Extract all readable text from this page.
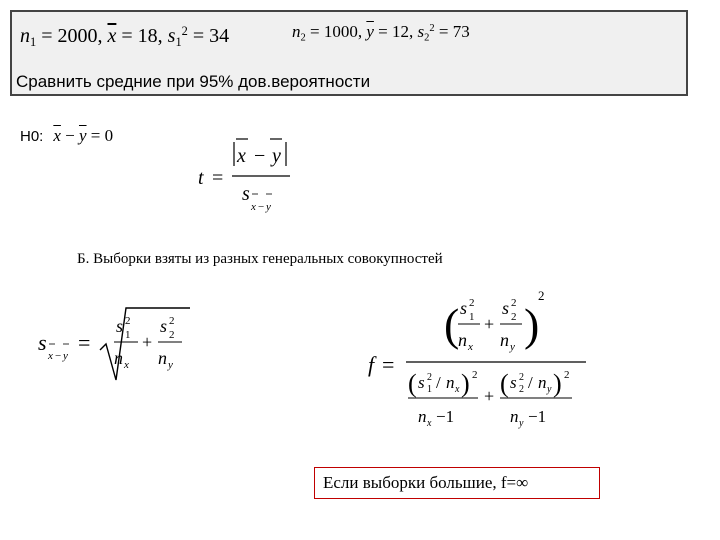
$n_1 = 2000$, $\overline{x} = 18$, $s_1^2 = 34$	$n_2 = 1000$, $\overline{y} = 12$, $s_2^2 = 73$
Сравнить средние при 95% дов.вероятности
H0: $\overline{x} - \overline{y} = 0$
t =
x − y
s
x − y
Б. Выборки взяты из разных генеральных совокупностей
s
x − y
=
s 1
2
n x
+
s 2
2
n y	f =
( s 1
2
n x
+
s 2
2
n y )
2
( s 2
1 / n x ) 2
n x −1
+ ( s 2
2 / n y ) 2
n y −1
Если выборки большие, f=∞
